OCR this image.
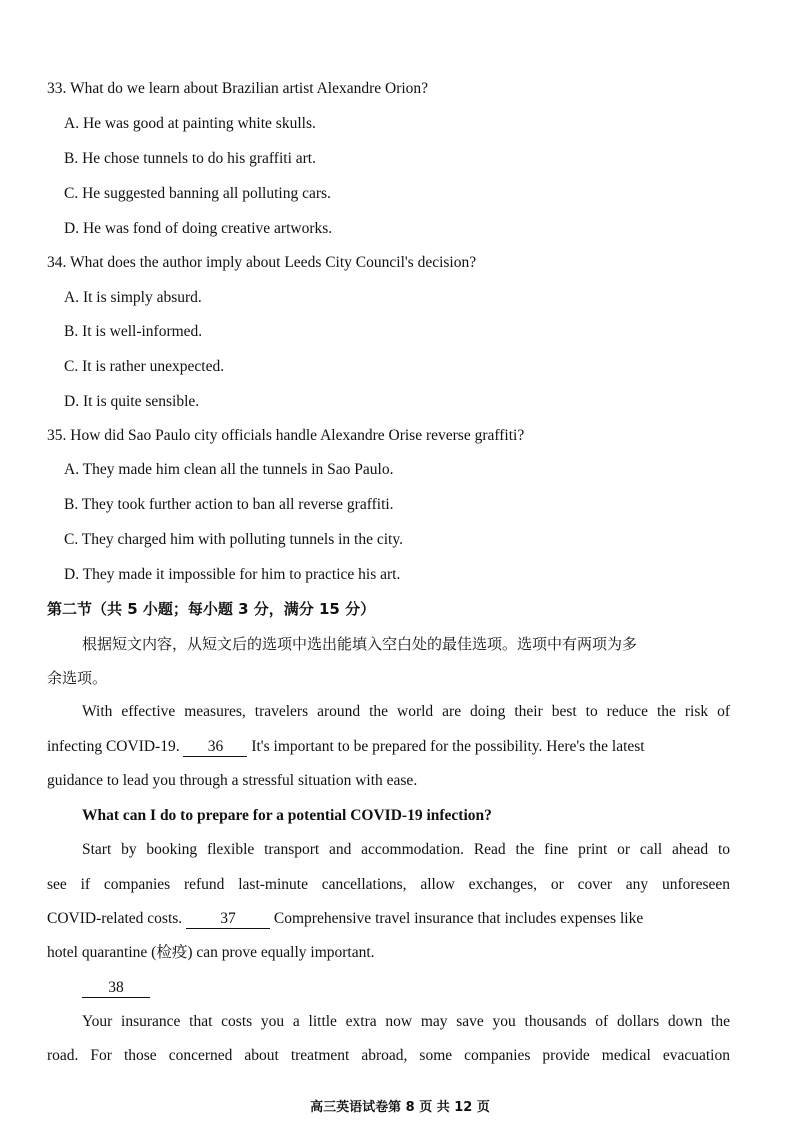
33. What do we learn about Brazilian artist Alexandre Orion?
A. He was good at painting white skulls.
B. He chose tunnels to do his graffiti art.
C. He suggested banning all polluting cars.
D. He was fond of doing creative artworks.
34. What does the author imply about Leeds City Council's decision?
A. It is simply absurd.
B. It is well-informed.
C. It is rather unexpected.
D. It is quite sensible.
35. How did Sao Paulo city officials handle Alexandre Orise reverse graffiti?
A. They made him clean all the tunnels in Sao Paulo.
B. They took further action to ban all reverse graffiti.
C. They charged him with polluting tunnels in the city.
D. They made it impossible for him to practice his art.
第二节（共 5 小题；每小题 3 分，满分 15 分）
根据短文内容，从短文后的选项中选出能填入空白处的最佳选项。选项中有两项为多
余选项。
With effective measures, travelers around the world are doing their best to reduce the risk of
infecting COVID-19. 36 It's important to be prepared for the possibility. Here's the latest
guidance to lead you through a stressful situation with ease.
What can I do to prepare for a potential COVID-19 infection?
Start by booking flexible transport and accommodation. Read the fine print or call ahead to
see if companies refund last-minute cancellations, allow exchanges, or cover any unforeseen
COVID-related costs. 37 Comprehensive travel insurance that includes expenses like
hotel quarantine (检疫) can prove equally important.
38
Your insurance that costs you a little extra now may save you thousands of dollars down the
road. For those concerned about treatment abroad, some companies provide medical evacuation
高三英语试卷第 8 页 共 12 页
